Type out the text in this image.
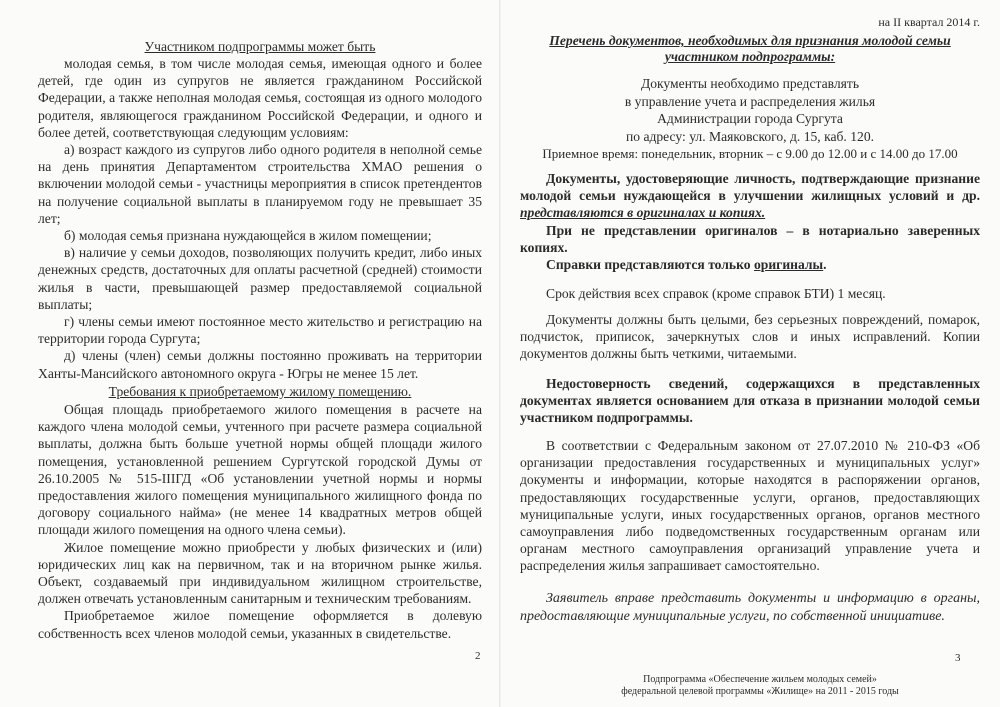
Участником подпрограммы может быть

молодая семья, в том числе молодая семья, имеющая одного и более детей, где один из супругов не является гражданином Российской Федерации, а также неполная молодая семья, состоящая из одного молодого родителя, являющегося гражданином Российской Федерации, и одного и более детей, соответствующая следующим условиям:

а) возраст каждого из супругов либо одного родителя в неполной семье на день принятия Департаментом строительства ХМАО решения о включении молодой семьи - участницы мероприятия в список претендентов на получение социальной выплаты в планируемом году не превышает 35 лет;

б) молодая семья признана нуждающейся в жилом помещении;

в) наличие у семьи доходов, позволяющих получить кредит, либо иных денежных средств, достаточных для оплаты расчетной (средней) стоимости жилья в части, превышающей размер предоставляемой социальной выплаты;

г) члены семьи имеют постоянное место жительство и регистрацию на территории города Сургута;

д) члены (член) семьи должны постоянно проживать на территории Ханты-Мансийского автономного округа - Югры не менее 15 лет.

Требования к приобретаемому жилому помещению.

Общая площадь приобретаемого жилого помещения в расчете на каждого члена молодой семьи, учтенного при расчете размера социальной выплаты, должна быть больше учетной нормы общей площади жилого помещения, установленной решением Сургутской городской Думы от 26.10.2005 № 515-IIIГД «Об установлении учетной нормы и нормы предоставления жилого помещения муниципального жилищного фонда по договору социального найма» (не менее 14 квадратных метров общей площади жилого помещения на одного члена семьи).

Жилое помещение можно приобрести у любых физических и (или) юридических лиц как на первичном, так и на вторичном рынке жилья. Объект, создаваемый при индивидуальном жилищном строительстве, должен отвечать установленным санитарным и техническим требованиям.

Приобретаемое жилое помещение оформляется в долевую собственность всех членов молодой семьи, указанных в свидетельстве.

2
на II квартал 2014 г.
Перечень документов, необходимых для признания молодой семьи участником подпрограммы:

Документы необходимо представлять

в управление учета и распределения жилья

Администрации города Сургута

по адресу: ул. Маяковского, д. 15, каб. 120.

Приемное время: понедельник, вторник – с 9.00 до 12.00 и с 14.00 до 17.00

Документы, удостоверяющие личность, подтверждающие признание молодой семьи нуждающейся в улучшении жилищных условий и др. представляются в оригиналах и копиях.

При не представлении оригиналов – в нотариально заверенных копиях.

Справки представляются только оригиналы.

Срок действия всех справок (кроме справок БТИ) 1 месяц.

Документы должны быть целыми, без серьезных повреждений, помарок, подчисток, приписок, зачеркнутых слов и иных исправлений. Копии документов должны быть четкими, читаемыми.

Недостоверность сведений, содержащихся в представленных документах является основанием для отказа в признании молодой семьи участником подпрограммы.

В соответствии с Федеральным законом от 27.07.2010 № 210-ФЗ «Об организации предоставления государственных и муниципальных услуг» документы и информации, которые находятся в распоряжении органов, предоставляющих государственные услуги, органов, предоставляющих муниципальные услуги, иных государственных органов, органов местного самоуправления либо подведомственных государственным органам или органам местного самоуправления организаций управление учета и распределения жилья запрашивает самостоятельно.

Заявитель вправе представить документы и информацию в органы, предоставляющие муниципальные услуги, по собственной инициативе.

3
Подпрограмма «Обеспечение жильем молодых семей»
федеральной целевой программы «Жилище» на 2011 - 2015 годы
